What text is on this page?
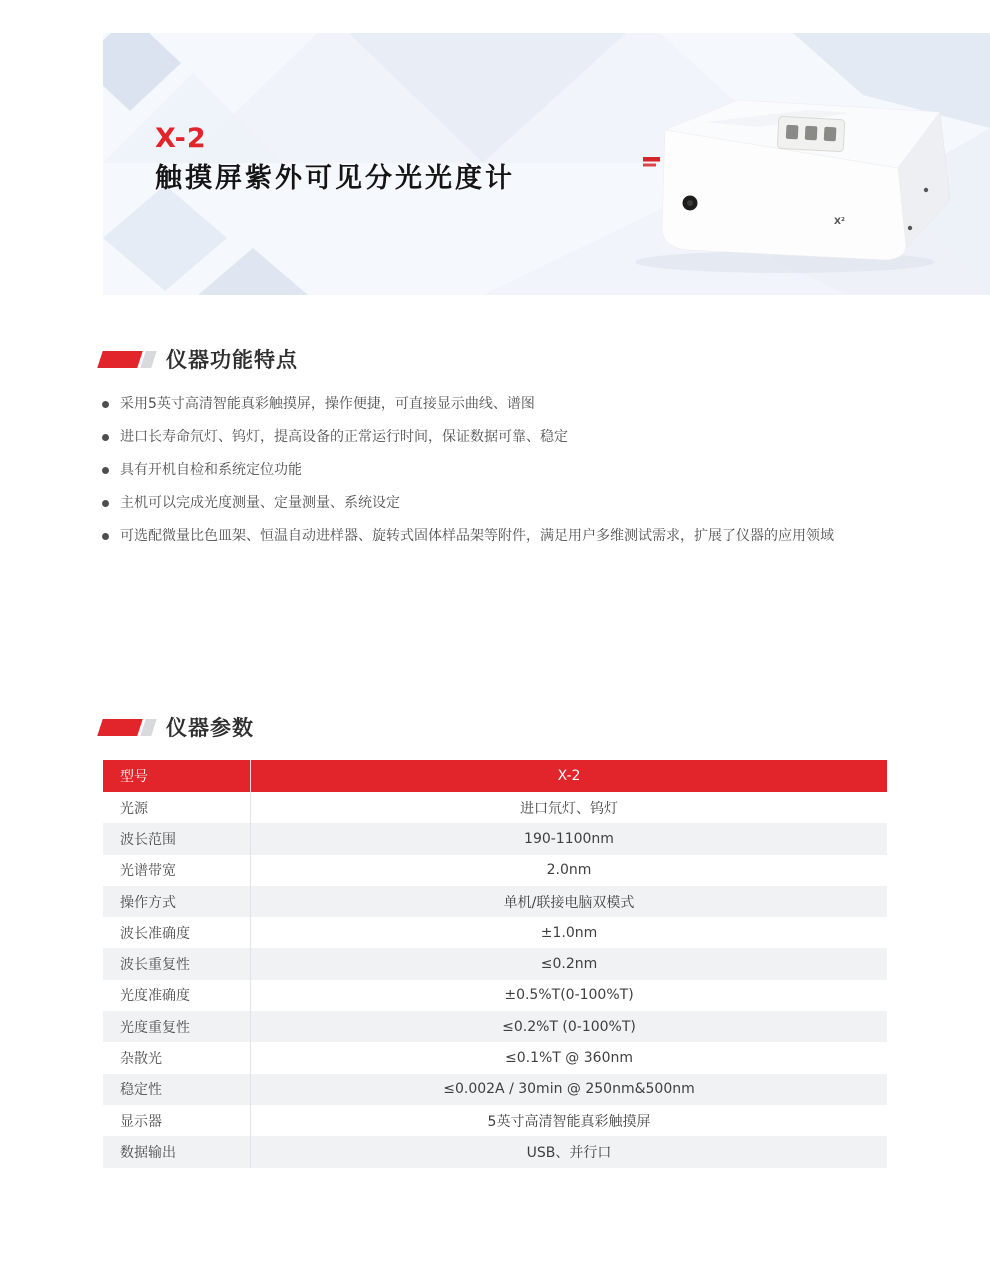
X-2
触摸屏紫外可见分光光度计
X²
仪器功能特点
采用5英寸高清智能真彩触摸屏，操作便捷，可直接显示曲线、谱图
进口长寿命氘灯、钨灯，提高设备的正常运行时间，保证数据可靠、稳定
具有开机自检和系统定位功能
主机可以完成光度测量、定量测量、系统设定
可选配微量比色皿架、恒温自动进样器、旋转式固体样品架等附件，满足用户多维测试需求，扩展了仪器的应用领域
仪器参数
型号	X-2
光源	进口氘灯、钨灯
波长范围	190-1100nm
光谱带宽	2.0nm
操作方式	单机/联接电脑双模式
波长准确度	±1.0nm
波长重复性	≤0.2nm
光度准确度	±0.5%T(0-100%T)
光度重复性	≤0.2%T (0-100%T)
杂散光	≤0.1%T @ 360nm
稳定性	≤0.002A / 30min @ 250nm&500nm
显示器	5英寸高清智能真彩触摸屏
数据输出	USB、并行口
